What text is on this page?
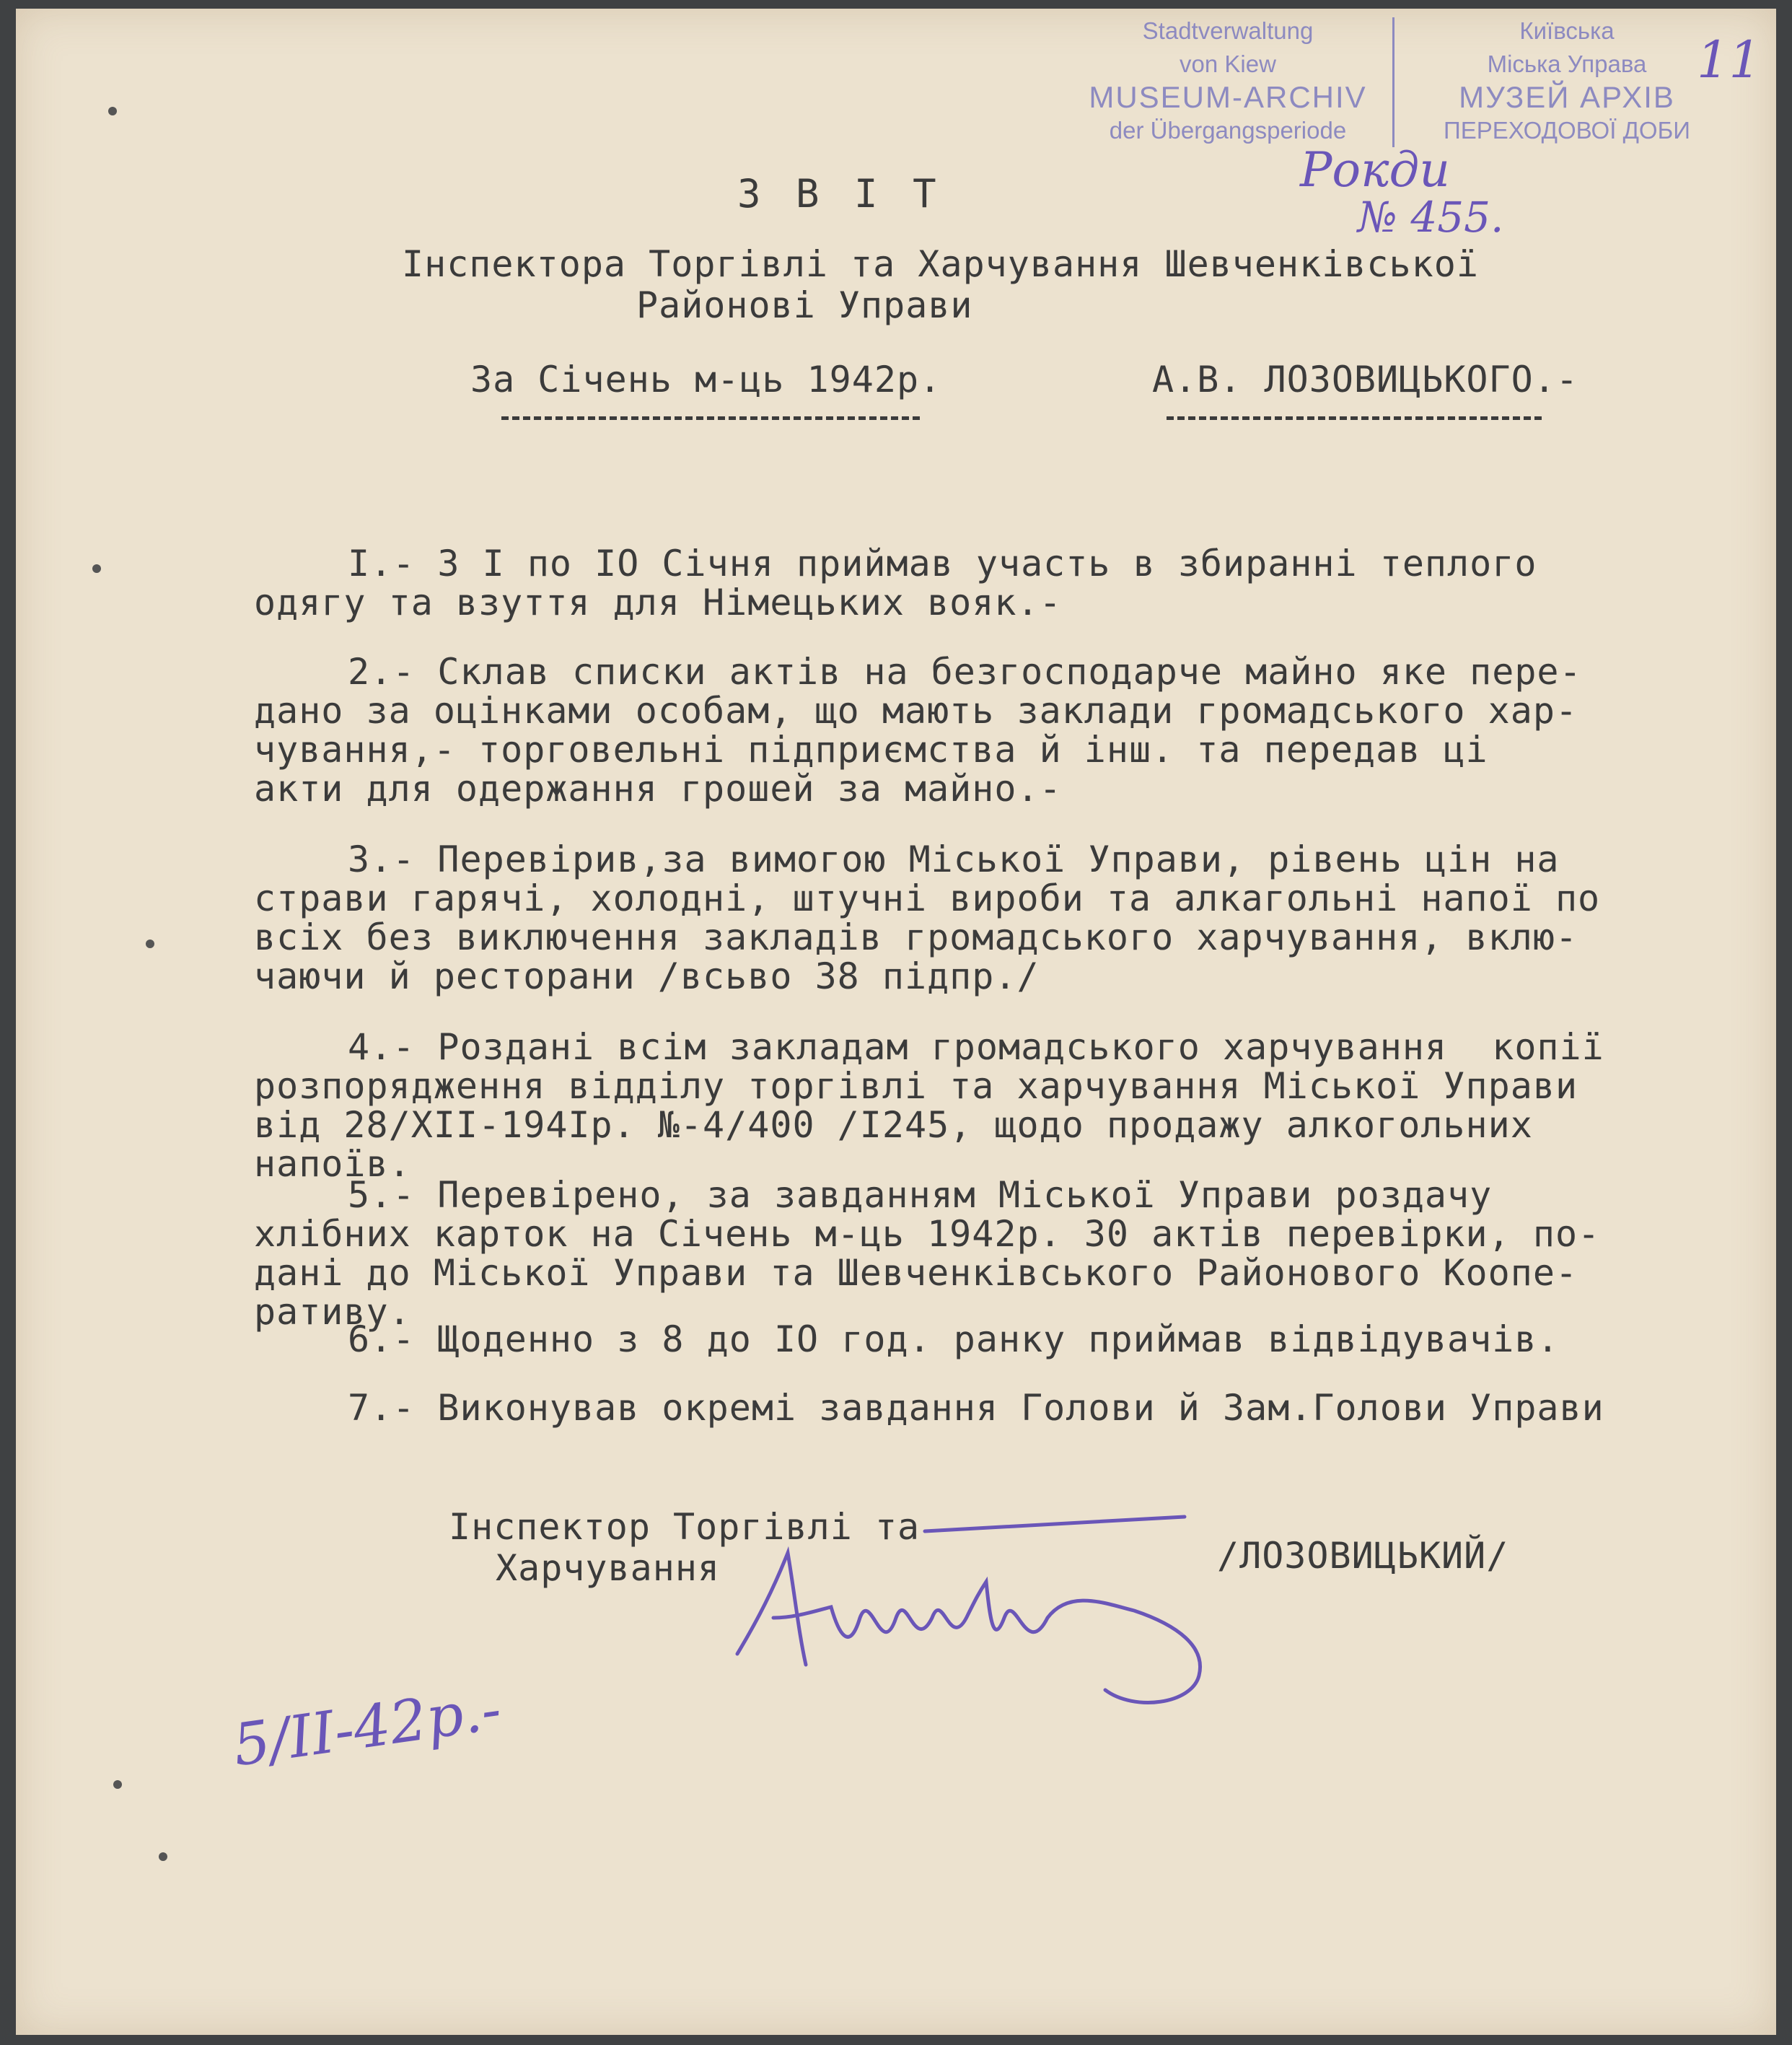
Stadtverwaltung
von Kiew
MUSEUM-ARCHIV
der Übergangsperiode
Київська
Міська Управа
МУЗЕЙ АРХІВ
ПЕРЕХОДОВОЇ ДОБИ
11
Рокди
№ 455.
З В І Т
Інспектора Торгівлі та Харчування Шевченківської
Районові Управи
За Січень м-ць 1942р.	А.В. ЛОЗОВИЦЬКОГО.-
І.- З І по ІО Січня приймав участь в збиранні теплого
одягу та взуття для Німецьких вояк.-
2.- Склав списки актів на безгосподарче майно яке пере-
дано за оцінками особам, що мають заклади громадського хар-
чування,- торговельні підприємства й інш. та передав ці
акти для одержання грошей за майно.-
3.- Перевірив,за вимогою Міської Управи, рівень цін на
страви гарячі, холодні, штучні вироби та алкагольні напої по
всіх без виключення закладів громадського харчування, вклю-
чаючи й ресторани /всьво 38 підпр./
4.- Роздані всім закладам громадського харчування  копії
розпорядження відділу торгівлі та харчування Міської Управи
від 28/ХІІ-194Ір. №-4/400 /І245, щодо продажу алкогольних
напоїв.
5.- Перевірено, за завданням Міської Управи роздачу
хлібних карток на Січень м-ць 1942р. 30 актів перевірки, по-
дані до Міської Управи та Шевченківського Районового Коопе-
ративу.
6.- Щоденно з 8 до ІО год. ранку приймав відвідувачів.
7.- Виконував окремі завдання Голови й Зам.Голови Управи
Інспектор Торгівлі та
Харчування	/ЛОЗОВИЦЬКИЙ/
5/ІІ-42р.-
